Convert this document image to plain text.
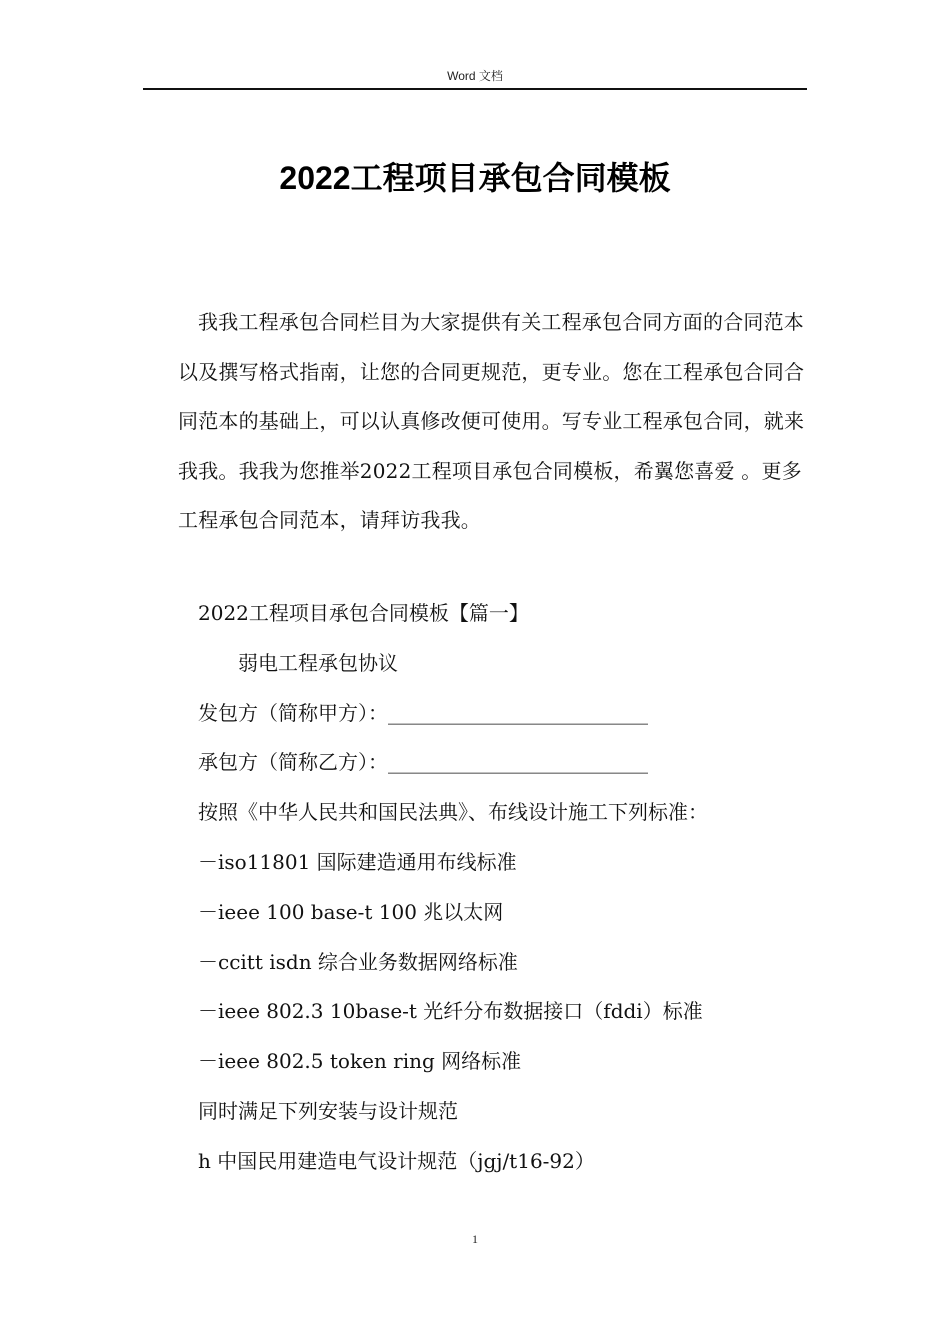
Word 文档
2022工程项目承包合同模板

我我工程承包合同栏目为大家提供有关工程承包合同方面的合同范本以及撰写格式指南，让您的合同更规范，更专业。您在工程承包合同合同范本的基础上，可以认真修改便可使用。写专业工程承包合同，就来我我。我我为您推举2022工程项目承包合同模板，希翼您喜爱 。更多工程承包合同范本，请拜访我我。

2022工程项目承包合同模板【篇一】
弱电工程承包协议
发包方（简称甲方）：__________________________
承包方（简称乙方）：__________________________
按照《中华人民共和国民法典》、布线设计施工下列标准：
－iso11801 国际建造通用布线标准
－ieee 100 base-t 100 兆以太网
－ccitt isdn 综合业务数据网络标准
－ieee 802.3 10base-t 光纤分布数据接口（fddi）标准
－ieee 802.5 token ring 网络标准
同时满足下列安装与设计规范
h 中国民用建造电气设计规范（jgj/t16-92）
1
